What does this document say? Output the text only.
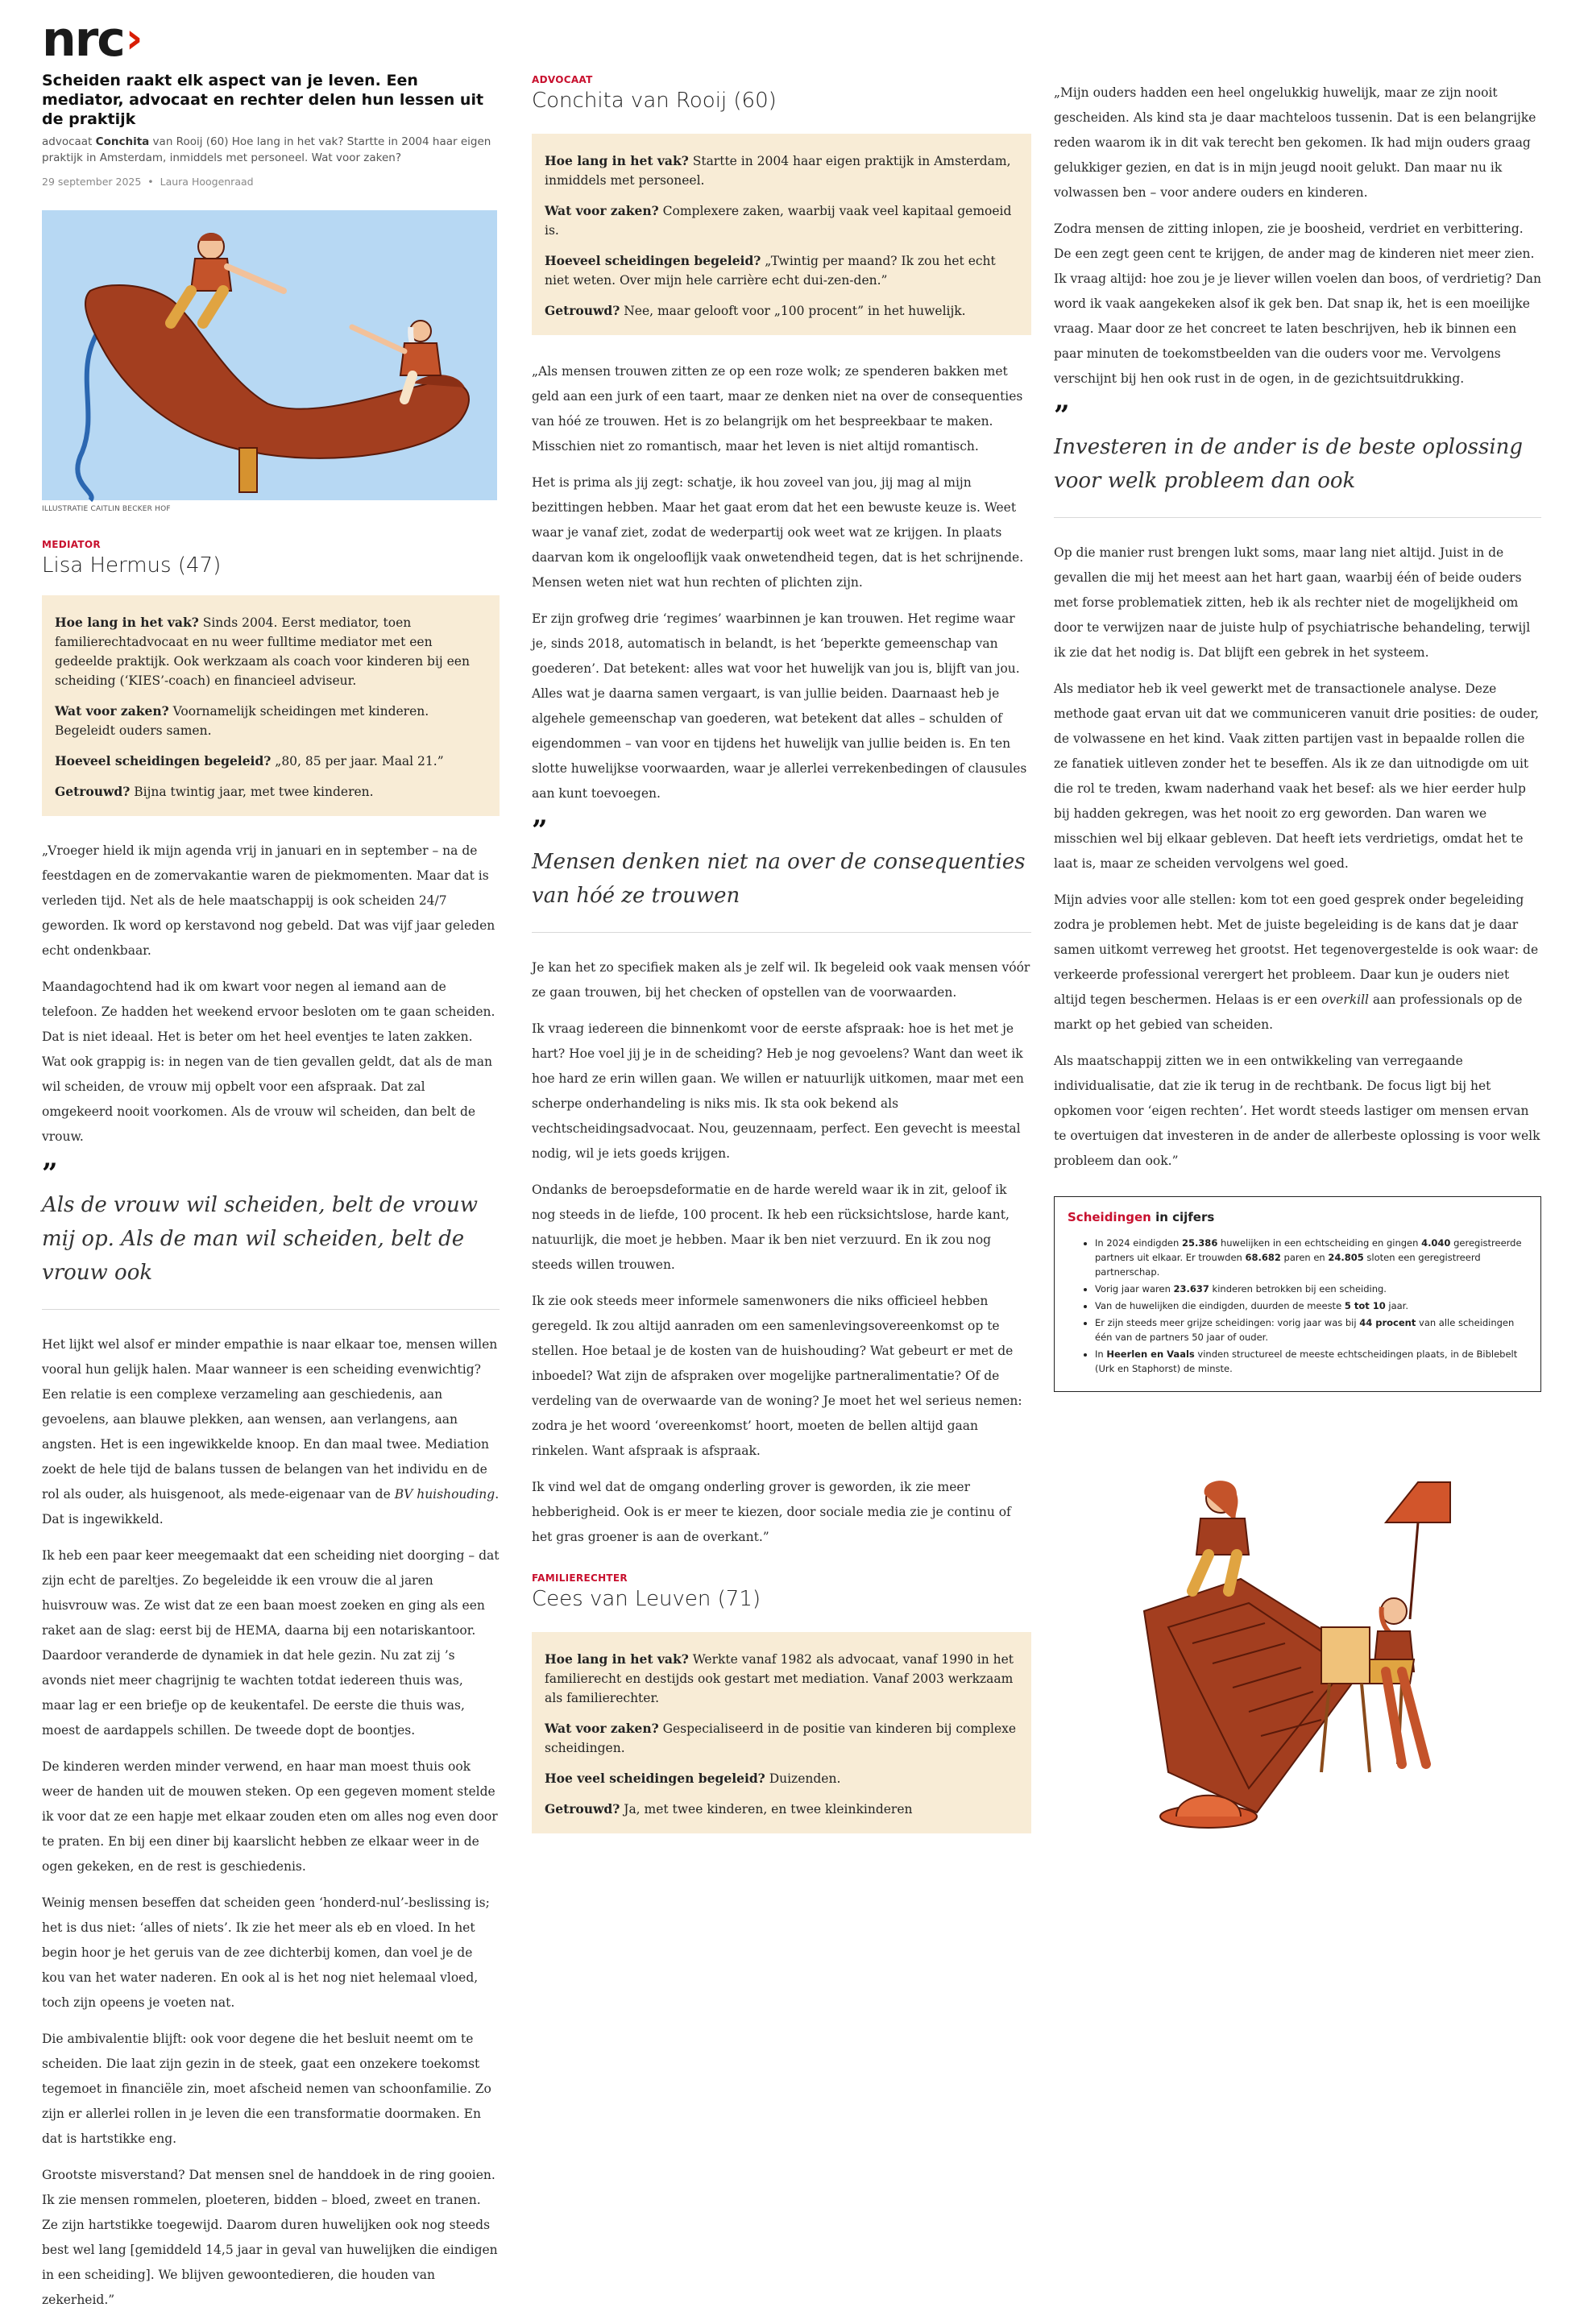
nrc›
Scheiden raakt elk aspect van je leven. Een mediator, advocaat en rechter delen hun lessen uit de praktijk
advocaat Conchita van Rooij (60) Hoe lang in het vak? Startte in 2004 haar eigen praktijk in Amsterdam, inmiddels met personeel. Wat voor zaken?
29 september 2025  •  Laura Hoogenraad
ILLUSTRATIE CAITLIN BECKER HOF
MEDIATOR
Lisa Hermus (47)

Hoe lang in het vak? Sinds 2004. Eerst mediator, toen familierechtadvocaat en nu weer fulltime mediator met een gedeelde praktijk. Ook werkzaam als coach voor kinderen bij een scheiding (‘KIES’-coach) en financieel adviseur.

Wat voor zaken? Voornamelijk scheidingen met kinderen. Begeleidt ouders samen.

Hoeveel scheidingen begeleid? „80, 85 per jaar. Maal 21.”

Getrouwd? Bijna twintig jaar, met twee kinderen.

„Vroeger hield ik mijn agenda vrij in januari en in september – na de feestdagen en de zomervakantie waren de piekmomenten. Maar dat is verleden tijd. Net als de hele maatschappij is ook scheiden 24/7 geworden. Ik word op kerstavond nog gebeld. Dat was vijf jaar geleden echt ondenkbaar.

Maandagochtend had ik om kwart voor negen al iemand aan de telefoon. Ze hadden het weekend ervoor besloten om te gaan scheiden. Dat is niet ideaal. Het is beter om het heel eventjes te laten zakken. Wat ook grappig is: in negen van de tien gevallen geldt, dat als de man wil scheiden, de vrouw mij opbelt voor een afspraak. Dat zal omgekeerd nooit voorkomen. Als de vrouw wil scheiden, dan belt de vrouw.

”
Als de vrouw wil scheiden, belt de vrouw mij op. Als de man wil scheiden, belt de vrouw ook

Het lijkt wel alsof er minder empathie is naar elkaar toe, mensen willen vooral hun gelijk halen. Maar wanneer is een scheiding evenwichtig? Een relatie is een complexe verzameling aan geschiedenis, aan gevoelens, aan blauwe plekken, aan wensen, aan verlangens, aan angsten. Het is een ingewikkelde knoop. En dan maal twee. Mediation zoekt de hele tijd de balans tussen de belangen van het individu en de rol als ouder, als huisgenoot, als mede-eigenaar van de BV huishouding. Dat is ingewikkeld.

Ik heb een paar keer meegemaakt dat een scheiding niet doorging – dat zijn echt de pareltjes. Zo begeleidde ik een vrouw die al jaren huisvrouw was. Ze wist dat ze een baan moest zoeken en ging als een raket aan de slag: eerst bij de HEMA, daarna bij een notariskantoor. Daardoor veranderde de dynamiek in dat hele gezin. Nu zat zij ’s avonds niet meer chagrijnig te wachten totdat iedereen thuis was, maar lag er een briefje op de keukentafel. De eerste die thuis was, moest de aardappels schillen. De tweede dopt de boontjes.

De kinderen werden minder verwend, en haar man moest thuis ook weer de handen uit de mouwen steken. Op een gegeven moment stelde ik voor dat ze een hapje met elkaar zouden eten om alles nog even door te praten. En bij een diner bij kaarslicht hebben ze elkaar weer in de ogen gekeken, en de rest is geschiedenis.

Weinig mensen beseffen dat scheiden geen ‘honderd-nul’-beslissing is; het is dus niet: ‘alles of niets’. Ik zie het meer als eb en vloed. In het begin hoor je het geruis van de zee dichterbij komen, dan voel je de kou van het water naderen. En ook al is het nog niet helemaal vloed, toch zijn opeens je voeten nat.

Die ambivalentie blijft: ook voor degene die het besluit neemt om te scheiden. Die laat zijn gezin in de steek, gaat een onzekere toekomst tegemoet in financiële zin, moet afscheid nemen van schoonfamilie. Zo zijn er allerlei rollen in je leven die een transformatie doormaken. En dat is hartstikke eng.

Grootste misverstand? Dat mensen snel de handdoek in de ring gooien. Ik zie mensen rommelen, ploeteren, bidden – bloed, zweet en tranen. Ze zijn hartstikke toegewijd. Daarom duren huwelijken ook nog steeds best wel lang [gemiddeld 14,5 jaar in geval van huwelijken die eindigen in een scheiding]. We blijven gewoontedieren, die houden van zekerheid.”

ADVOCAAT
Conchita van Rooij (60)

Hoe lang in het vak? Startte in 2004 haar eigen praktijk in Amsterdam, inmiddels met personeel.

Wat voor zaken? Complexere zaken, waarbij vaak veel kapitaal gemoeid is.

Hoeveel scheidingen begeleid? „Twintig per maand? Ik zou het echt niet weten. Over mijn hele carrière echt dui-zen-den.”

Getrouwd? Nee, maar gelooft voor „100 procent” in het huwelijk.

„Als mensen trouwen zitten ze op een roze wolk; ze spenderen bakken met geld aan een jurk of een taart, maar ze denken niet na over de consequenties van hóé ze trouwen. Het is zo belangrijk om het bespreekbaar te maken. Misschien niet zo romantisch, maar het leven is niet altijd romantisch.

Het is prima als jij zegt: schatje, ik hou zoveel van jou, jij mag al mijn bezittingen hebben. Maar het gaat erom dat het een bewuste keuze is. Weet waar je vanaf ziet, zodat de wederpartij ook weet wat ze krijgen. In plaats daarvan kom ik ongelooflijk vaak onwetendheid tegen, dat is het schrijnende. Mensen weten niet wat hun rechten of plichten zijn.

Er zijn grofweg drie ‘regimes’ waarbinnen je kan trouwen. Het regime waar je, sinds 2018, automatisch in belandt, is het ‘beperkte gemeenschap van goederen’. Dat betekent: alles wat voor het huwelijk van jou is, blijft van jou. Alles wat je daarna samen vergaart, is van jullie beiden. Daarnaast heb je algehele gemeenschap van goederen, wat betekent dat alles – schulden of eigendommen – van voor en tijdens het huwelijk van jullie beiden is. En ten slotte huwelijkse voorwaarden, waar je allerlei verrekenbedingen of clausules aan kunt toevoegen.

”
Mensen denken niet na over de consequenties van hóé ze trouwen

Je kan het zo specifiek maken als je zelf wil. Ik begeleid ook vaak mensen vóór ze gaan trouwen, bij het checken of opstellen van de voorwaarden.

Ik vraag iedereen die binnenkomt voor de eerste afspraak: hoe is het met je hart? Hoe voel jij je in de scheiding? Heb je nog gevoelens? Want dan weet ik hoe hard ze erin willen gaan. We willen er natuurlijk uitkomen, maar met een scherpe onderhandeling is niks mis. Ik sta ook bekend als vechtscheidingsadvocaat. Nou, geuzennaam, perfect. Een gevecht is meestal nodig, wil je iets goeds krijgen.

Ondanks de beroepsdeformatie en de harde wereld waar ik in zit, geloof ik nog steeds in de liefde, 100 procent. Ik heb een rücksichtslose, harde kant, natuurlijk, die moet je hebben. Maar ik ben niet verzuurd. En ik zou nog steeds willen trouwen.

Ik zie ook steeds meer informele samenwoners die niks officieel hebben geregeld. Ik zou altijd aanraden om een samenlevingsovereenkomst op te stellen. Hoe betaal je de kosten van de huishouding? Wat gebeurt er met de inboedel? Wat zijn de afspraken over mogelijke partneralimentatie? Of de verdeling van de overwaarde van de woning? Je moet het wel serieus nemen: zodra je het woord ‘overeenkomst’ hoort, moeten de bellen altijd gaan rinkelen. Want afspraak is afspraak.

Ik vind wel dat de omgang onderling grover is geworden, ik zie meer hebberigheid. Ook is er meer te kiezen, door sociale media zie je continu of het gras groener is aan de overkant.”

FAMILIERECHTER
Cees van Leuven (71)

Hoe lang in het vak? Werkte vanaf 1982 als advocaat, vanaf 1990 in het familierecht en destijds ook gestart met mediation. Vanaf 2003 werkzaam als familierechter.

Wat voor zaken? Gespecialiseerd in de positie van kinderen bij complexe scheidingen.

Hoe veel scheidingen begeleid? Duizenden.

Getrouwd? Ja, met twee kinderen, en twee kleinkinderen

„Mijn ouders hadden een heel ongelukkig huwelijk, maar ze zijn nooit gescheiden. Als kind sta je daar machteloos tussenin. Dat is een belangrijke reden waarom ik in dit vak terecht ben gekomen. Ik had mijn ouders graag gelukkiger gezien, en dat is in mijn jeugd nooit gelukt. Dan maar nu ik volwassen ben – voor andere ouders en kinderen.

Zodra mensen de zitting inlopen, zie je boosheid, verdriet en verbittering. De een zegt geen cent te krijgen, de ander mag de kinderen niet meer zien. Ik vraag altijd: hoe zou je je liever willen voelen dan boos, of verdrietig? Dan word ik vaak aangekeken alsof ik gek ben. Dat snap ik, het is een moeilijke vraag. Maar door ze het concreet te laten beschrijven, heb ik binnen een paar minuten de toekomstbeelden van die ouders voor me. Vervolgens verschijnt bij hen ook rust in de ogen, in de gezichtsuitdrukking.

”
Investeren in de ander is de beste oplossing voor welk probleem dan ook

Op die manier rust brengen lukt soms, maar lang niet altijd. Juist in de gevallen die mij het meest aan het hart gaan, waarbij één of beide ouders met forse problematiek zitten, heb ik als rechter niet de mogelijkheid om door te verwijzen naar de juiste hulp of psychiatrische behandeling, terwijl ik zie dat het nodig is. Dat blijft een gebrek in het systeem.

Als mediator heb ik veel gewerkt met de transactionele analyse. Deze methode gaat ervan uit dat we communiceren vanuit drie posities: de ouder, de volwassene en het kind. Vaak zitten partijen vast in bepaalde rollen die ze fanatiek uitleven zonder het te beseffen. Als ik ze dan uitnodigde om uit die rol te treden, kwam naderhand vaak het besef: als we hier eerder hulp bij hadden gekregen, was het nooit zo erg geworden. Dan waren we misschien wel bij elkaar gebleven. Dat heeft iets verdrietigs, omdat het te laat is, maar ze scheiden vervolgens wel goed.

Mijn advies voor alle stellen: kom tot een goed gesprek onder begeleiding zodra je problemen hebt. Met de juiste begeleiding is de kans dat je daar samen uitkomt verreweg het grootst. Het tegenovergestelde is ook waar: de verkeerde professional verergert het probleem. Daar kun je ouders niet altijd tegen beschermen. Helaas is er een overkill aan professionals op de markt op het gebied van scheiden.

Als maatschappij zitten we in een ontwikkeling van verregaande individualisatie, dat zie ik terug in de rechtbank. De focus ligt bij het opkomen voor ‘eigen rechten’. Het wordt steeds lastiger om mensen ervan te overtuigen dat investeren in de ander de allerbeste oplossing is voor welk probleem dan ook.”

Scheidingen in cijfers
• In 2024 eindigden 25.386 huwelijken in een echtscheiding en gingen 4.040 geregistreerde partners uit elkaar. Er trouwden 68.682 paren en 24.805 sloten een geregistreerd partnerschap.
• Vorig jaar waren 23.637 kinderen betrokken bij een scheiding.
• Van de huwelijken die eindigden, duurden de meeste 5 tot 10 jaar.
• Er zijn steeds meer grijze scheidingen: vorig jaar was bij 44 procent van alle scheidingen één van de partners 50 jaar of ouder.
• In Heerlen en Vaals vinden structureel de meeste echtscheidingen plaats, in de Biblebelt (Urk en Staphorst) de minste.
